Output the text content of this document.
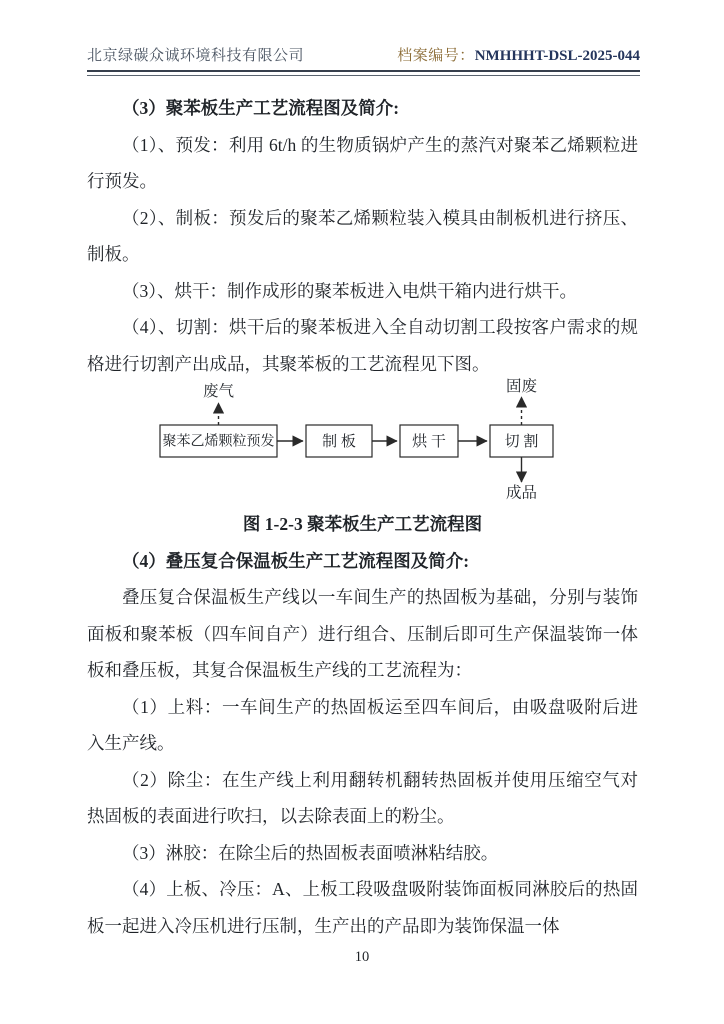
北京绿碳众诚环境科技有限公司	档案编号：NMHHHT-DSL-2025-044

（3）聚苯板生产工艺流程图及简介:

（1）、预发：利用 6t/h 的生物质锅炉产生的蒸汽对聚苯乙烯颗粒进行预发。

（2）、制板：预发后的聚苯乙烯颗粒装入模具由制板机进行挤压、制板。

（3）、烘干：制作成形的聚苯板进入电烘干箱内进行烘干。

（4）、切割：烘干后的聚苯板进入全自动切割工段按客户需求的规格进行切割产出成品，其聚苯板的工艺流程见下图。

废气	固废
聚苯乙烯颗粒预发	制 板	烘 干	切 割
成品

图 1-2-3 聚苯板生产工艺流程图

（4）叠压复合保温板生产工艺流程图及简介:

叠压复合保温板生产线以一车间生产的热固板为基础，分别与装饰面板和聚苯板（四车间自产）进行组合、压制后即可生产保温装饰一体板和叠压板，其复合保温板生产线的工艺流程为：

（1）上料：一车间生产的热固板运至四车间后，由吸盘吸附后进入生产线。

（2）除尘：在生产线上利用翻转机翻转热固板并使用压缩空气对热固板的表面进行吹扫，以去除表面上的粉尘。

（3）淋胶：在除尘后的热固板表面喷淋粘结胶。

（4）上板、冷压：A、上板工段吸盘吸附装饰面板同淋胶后的热固板一起进入冷压机进行压制，生产出的产品即为装饰保温一体

10
